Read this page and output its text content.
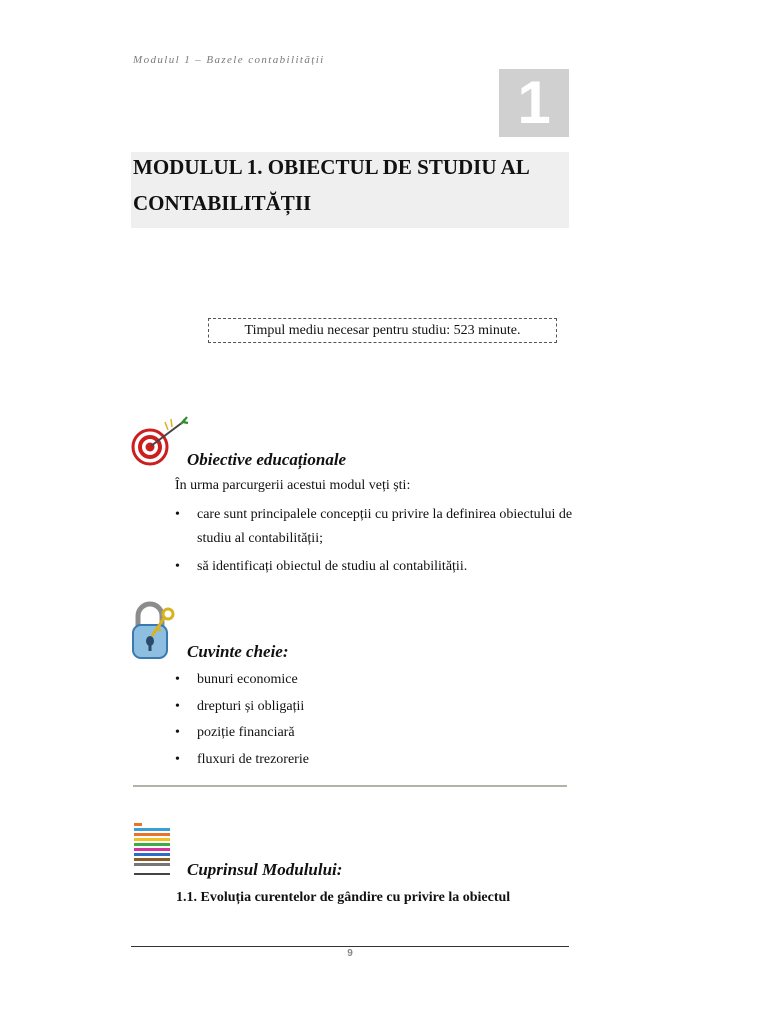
Modulul 1 – Bazele contabilității
1
MODULUL 1. OBIECTUL DE STUDIU AL CONTABILITĂȚII
Timpul mediu necesar pentru studiu: 523 minute.
Obiective educaționale

În urma parcurgerii acestui modul veți ști:

• care sunt principalele concepții cu privire la definirea obiectului de studiu al contabilității;
• să identificați obiectul de studiu al contabilității.
Cuvinte cheie:
• bunuri economice
• drepturi și obligații
• poziție financiară
• fluxuri de trezorerie
Cuprinsul Modulului:

1.1. Evoluția curentelor de gândire cu privire la obiectul

9
